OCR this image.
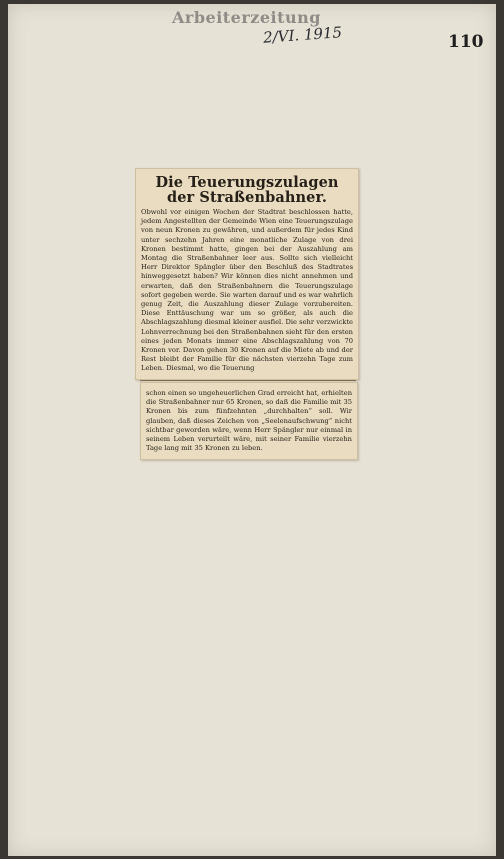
Arbeiterzeitung
2/VI. 1915	110
Die Teuerungszulagen der Straßenbahner.
Obwohl vor einigen Wochen der Stadtrat beschlossen hatte, jedem Angestellten der Gemeinde Wien eine Teuerungszulage von neun Kronen zu gewähren, und außerdem für jedes Kind unter sechzehn Jahren eine monatliche Zulage von drei Kronen bestimmt hatte, gingen bei der Auszahlung am Montag die Straßenbahner leer aus. Sollte sich vielleicht Herr Direktor Spängler über den Beschluß des Stadtrates hinweggesetzt haben? Wir können dies nicht annehmen und erwarten, daß den Straßenbahnern die Teuerungszulage sofort gegeben werde. Sie warten darauf und es war wahrlich genug Zeit, die Auszahlung dieser Zulage vorzubereiten. Diese Enttäuschung war um so größer, als auch die Abschlagszahlung diesmal kleiner ausfiel. Die sehr verzwickte Lohnverrechnung bei den Straßenbahnen sieht für den ersten eines jeden Monats immer eine Abschlagszahlung von 70 Kronen vor. Davon gehen 30 Kronen auf die Miete ab und der Rest bleibt der Familie für die nächsten vierzehn Tage zum Leben. Diesmal, wo die Teuerung
schon einen so ungeheuerlichen Grad erreicht hat, erhielten die Straßenbahner nur 65 Kronen, so daß die Familie mit 35 Kronen bis zum fünfzehnten „durchhalten“ soll. Wir glauben, daß dieses Zeichen von „Seelenaufschwung“ nicht sichtbar geworden wäre, wenn Herr Spängler nur einmal in seinem Leben verurteilt wäre, mit seiner Familie vierzehn Tage lang mit 35 Kronen zu leben.
